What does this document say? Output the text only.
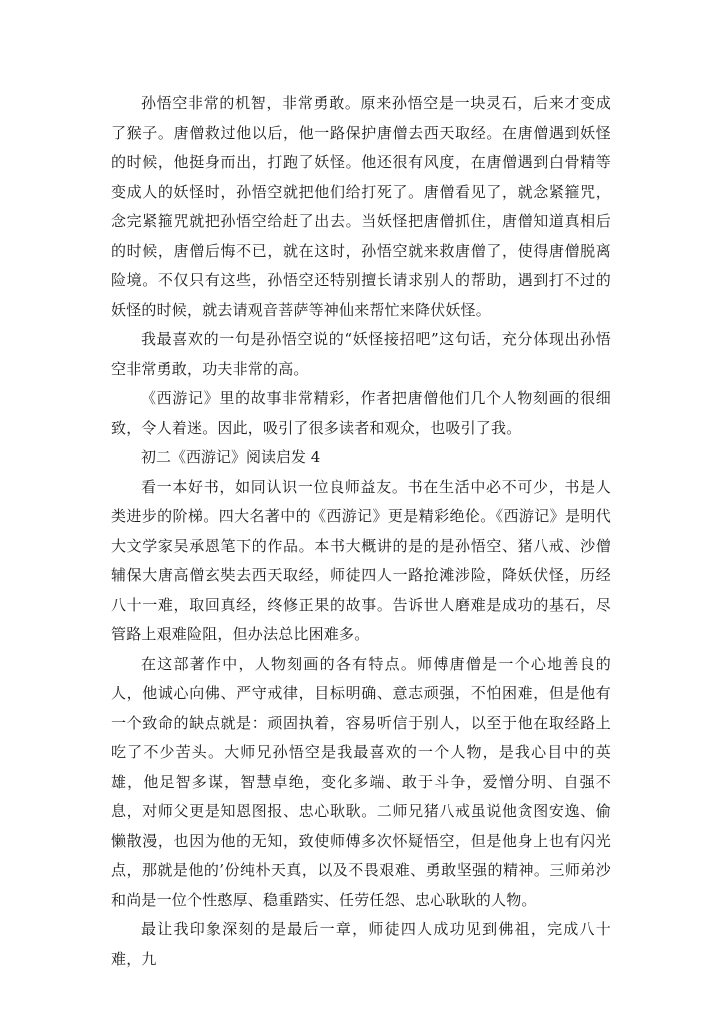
孙悟空非常的机智，非常勇敢。原来孙悟空是一块灵石，后来才变成了猴子。唐僧救过他以后，他一路保护唐僧去西天取经。在唐僧遇到妖怪的时候，他挺身而出，打跑了妖怪。他还很有风度，在唐僧遇到白骨精等变成人的妖怪时，孙悟空就把他们给打死了。唐僧看见了，就念紧箍咒，念完紧箍咒就把孙悟空给赶了出去。当妖怪把唐僧抓住，唐僧知道真相后的时候，唐僧后悔不已，就在这时，孙悟空就来救唐僧了，使得唐僧脱离险境。不仅只有这些，孙悟空还特别擅长请求别人的帮助，遇到打不过的妖怪的时候，就去请观音菩萨等神仙来帮忙来降伏妖怪。

我最喜欢的一句是孙悟空说的“妖怪接招吧”这句话，充分体现出孙悟空非常勇敢，功夫非常的高。

《西游记》里的故事非常精彩，作者把唐僧他们几个人物刻画的很细致，令人着迷。因此，吸引了很多读者和观众，也吸引了我。

初二《西游记》阅读启发 4

看一本好书，如同认识一位良师益友。书在生活中必不可少，书是人类进步的阶梯。四大名著中的《西游记》更是精彩绝伦。《西游记》是明代大文学家吴承恩笔下的作品。本书大概讲的是的是孙悟空、猪八戒、沙僧辅保大唐高僧玄奘去西天取经，师徒四人一路抢滩涉险，降妖伏怪，历经八十一难，取回真经，终修正果的故事。告诉世人磨难是成功的基石，尽管路上艰难险阻，但办法总比困难多。

在这部著作中，人物刻画的各有特点。师傅唐僧是一个心地善良的人，他诚心向佛、严守戒律，目标明确、意志顽强，不怕困难，但是他有一个致命的缺点就是：顽固执着，容易听信于别人，以至于他在取经路上吃了不少苦头。大师兄孙悟空是我最喜欢的一个人物，是我心目中的英雄，他足智多谋，智慧卓绝，变化多端、敢于斗争，爱憎分明、自强不息，对师父更是知恩图报、忠心耿耿。二师兄猪八戒虽说他贪图安逸、偷懒散漫，也因为他的无知，致使师傅多次怀疑悟空，但是他身上也有闪光点，那就是他的’份纯朴天真，以及不畏艰难、勇敢坚强的精神。三师弟沙和尚是一位个性憨厚、稳重踏实、任劳任怨、忠心耿耿的人物。

最让我印象深刻的是最后一章，师徒四人成功见到佛祖，完成八十难，九
